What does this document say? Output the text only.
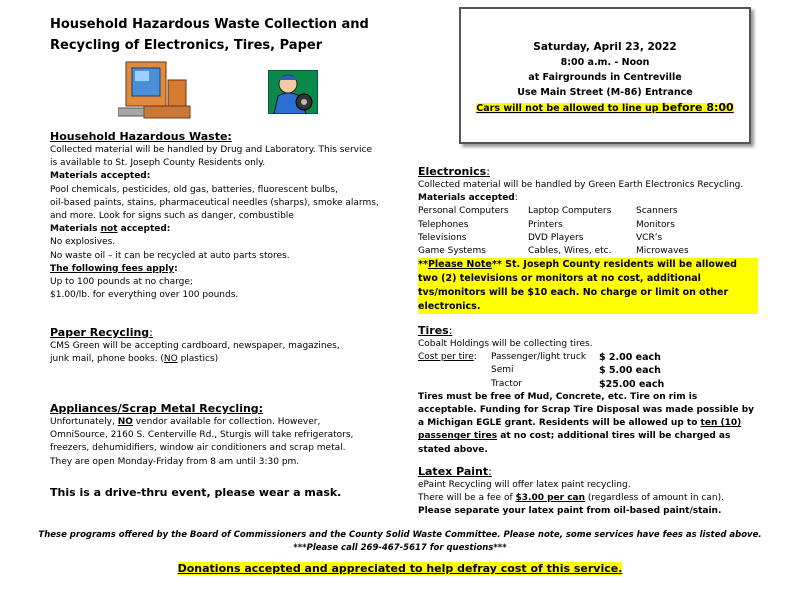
Household Hazardous Waste Collection and
Recycling of Electronics, Tires, Paper	Saturday, April 23, 2022
8:00 a.m. - Noon
at Fairgrounds in Centreville
Use Main Street (M-86) Entrance
Cars will not be allowed to line up before 8:00
Household Hazardous Waste:
Collected material will be handled by Drug and Laboratory. This service
is available to St. Joseph County Residents only.
Materials accepted:
Pool chemicals, pesticides, old gas, batteries, fluorescent bulbs,
oil-based paints, stains, pharmaceutical needles (sharps), smoke alarms,
and more. Look for signs such as danger, combustible
Materials not accepted:
No explosives.
No waste oil – it can be recycled at auto parts stores.
The following fees apply:
Up to 100 pounds at no charge;
$1.00/lb. for everything over 100 pounds.
Paper Recycling:
CMS Green will be accepting cardboard, newspaper, magazines,
junk mail, phone books. (NO plastics)
Appliances/Scrap Metal Recycling:
Unfortunately, NO vendor available for collection. However,
OmniSource, 2160 S. Centerville Rd., Sturgis will take refrigerators,
freezers, dehumidifiers, window air conditioners and scrap metal.
They are open Monday-Friday from 8 am until 3:30 pm.
This is a drive-thru event, please wear a mask.
Electronics:
Collected material will be handled by Green Earth Electronics Recycling.
Materials accepted:
Personal Computers	Laptop Computers	Scanners
Telephones	Printers	Monitors
Televisions	DVD Players	VCR’s
Game Systems	Cables, Wires, etc.	Microwaves
**Please Note** St. Joseph County residents will be allowed two (2) televisions or monitors at no cost, additional tvs/monitors will be $10 each. No charge or limit on other electronics.
Tires:
Cobalt Holdings will be collecting tires.
Cost per tire:	Passenger/light truck	$ 2.00 each
Semi	$ 5.00 each
Tractor	$25.00 each
Tires must be free of Mud, Concrete, etc. Tire on rim is acceptable. Funding for Scrap Tire Disposal was made possible by a Michigan EGLE grant. Residents will be allowed up to ten (10) passenger tires at no cost; additional tires will be charged as stated above.
Latex Paint:
ePaint Recycling will offer latex paint recycling.
There will be a fee of $3.00 per can (regardless of amount in can).
Please separate your latex paint from oil-based paint/stain.
These programs offered by the Board of Commissioners and the County Solid Waste Committee. Please note, some services have fees as listed above.
***Please call 269-467-5617 for questions***
Donations accepted and appreciated to help defray cost of this service.
